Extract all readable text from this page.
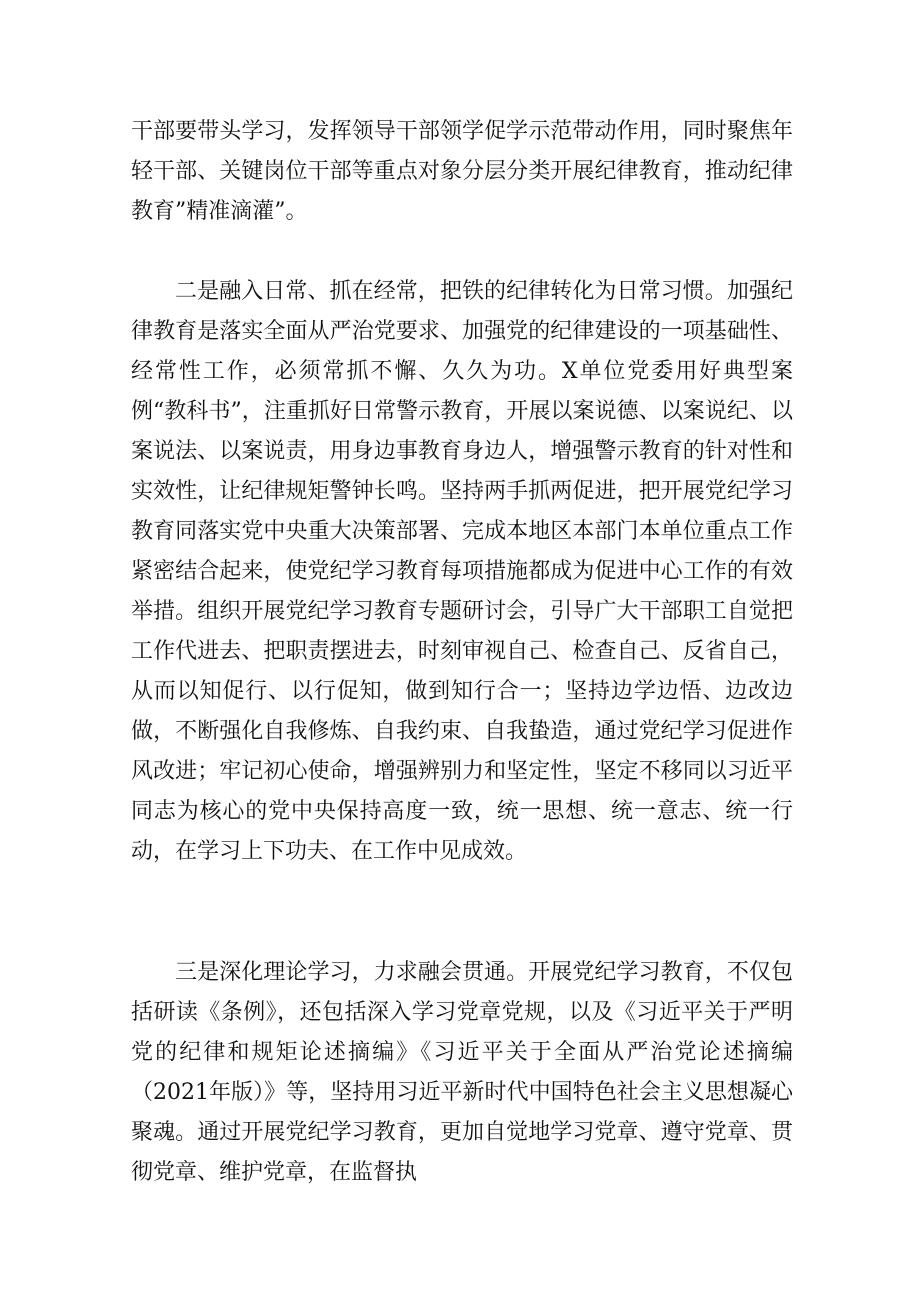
干部要带头学习，发挥领导干部领学促学示范带动作用，同时聚焦年轻干部、关键岗位干部等重点对象分层分类开展纪律教育，推动纪律教育”精准滴灌”。

二是融入日常、抓在经常，把铁的纪律转化为日常习惯。加强纪律教育是落实全面从严治党要求、加强党的纪律建设的一项基础性、经常性工作，必须常抓不懈、久久为功。X单位党委用好典型案例“教科书”，注重抓好日常警示教育，开展以案说德、以案说纪、以案说法、以案说责，用身边事教育身边人，增强警示教育的针对性和实效性，让纪律规矩警钟长鸣。坚持两手抓两促进，把开展党纪学习教育同落实党中央重大决策部署、完成本地区本部门本单位重点工作紧密结合起来，使党纪学习教育每项措施都成为促进中心工作的有效举措。组织开展党纪学习教育专题研讨会，引导广大干部职工自觉把工作代进去、把职责摆进去，时刻审视自己、检查自己、反省自己，从而以知促行、以行促知，做到知行合一；坚持边学边悟、边改边做，不断强化自我修炼、自我约束、自我蛰造，通过党纪学习促进作风改进；牢记初心使命，增强辨别力和坚定性，坚定不移同以习近平同志为核心的党中央保持高度一致，统一思想、统一意志、统一行动，在学习上下功夫、在工作中见成效。

三是深化理论学习，力求融会贯通。开展党纪学习教育，不仅包括研读《条例》，还包括深入学习党章党规，以及《习近平关于严明党的纪律和规矩论述摘编》《习近平关于全面从严治党论述摘编（2021年版）》等，坚持用习近平新时代中国特色社会主义思想凝心聚魂。通过开展党纪学习教育，更加自觉地学习党章、遵守党章、贯彻党章、维护党章，在监督执
